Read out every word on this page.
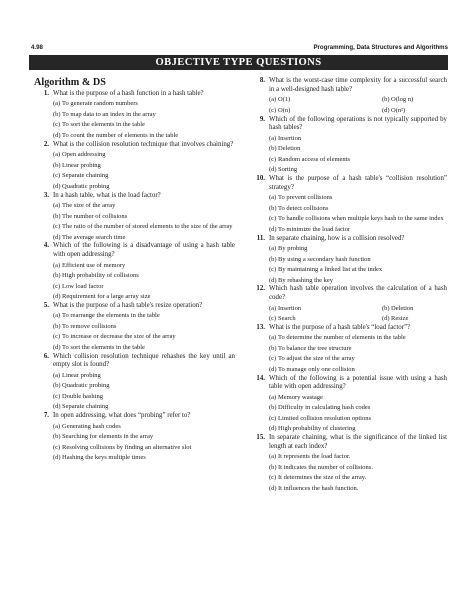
4.98	Programming, Data Structures and Algorithms
OBJECTIVE TYPE QUESTIONS
Algorithm & DS
1. What is the purpose of a hash function in a hash table?
(a) To generate random numbers
(b) To map data to an index in the array
(c) To sort the elements in the table
(d) To count the number of elements in the table
2. What is the collision resolution technique that involves chaining?
(a) Open addressing
(b) Linear probing
(c) Separate chaining
(d) Quadratic probing
3. In a hash table, what is the load factor?
(a) The size of the array
(b) The number of collisions
(c) The ratio of the number of stored elements to the size of the array
(d) The average search time
4. Which of the following is a disadvantage of using a hash table with open addressing?
(a) Efficient use of memory
(b) High probability of collisions
(c) Low load factor
(d) Requirement for a large array size
5. What is the purpose of a hash table's resize operation?
(a) To rearrange the elements in the table
(b) To remove collisions
(c) To increase or decrease the size of the array
(d) To sort the elements in the table
6. Which collision resolution technique rehashes the key until an empty slot is found?
(a) Linear probing
(b) Quadratic probing
(c) Double hashing
(d) Separate chaining
7. In open addressing, what does “probing” refer to?
(a) Generating hash codes
(b) Searching for elements in the array
(c) Resolving collisions by finding an alternative slot
(d) Hashing the keys multiple times
8. What is the worst-case time complexity for a successful search in a well-designed hash table?
(a) O(1)	(b) O(log n)
(c) O(n)	(d) O(n²)
9. Which of the following operations is not typically supported by hash tables?
(a) Insertion
(b) Deletion
(c) Random access of elements
(d) Sorting
10. What is the purpose of a hash table's “collision resolution” strategy?
(a) To prevent collisions
(b) To detect collisions
(c) To handle collisions when multiple keys hash to the same index
(d) To minimize the load factor
11. In separate chaining, how is a collision resolved?
(a) By probing
(b) By using a secondary hash function
(c) By maintaining a linked list at the index
(d) By rehashing the key
12. Which hash table operation involves the calculation of a hash code?
(a) Insertion	(b) Deletion
(c) Search	(d) Resize
13. What is the purpose of a hash table's “load factor”?
(a) To determine the number of elements in the table
(b) To balance the tree structure
(c) To adjust the size of the array
(d) To manage only one collision
14. Which of the following is a potential issue with using a hash table with open addressing?
(a) Memory wastage
(b) Difficulty in calculating hash codes
(c) Limited collision resolution options
(d) High probability of clustering
15. In separate chaining, what is the significance of the linked list length at each index?
(a) It represents the load factor.
(b) It indicates the number of collisions.
(c) It determines the size of the array.
(d) It influences the hash function.
